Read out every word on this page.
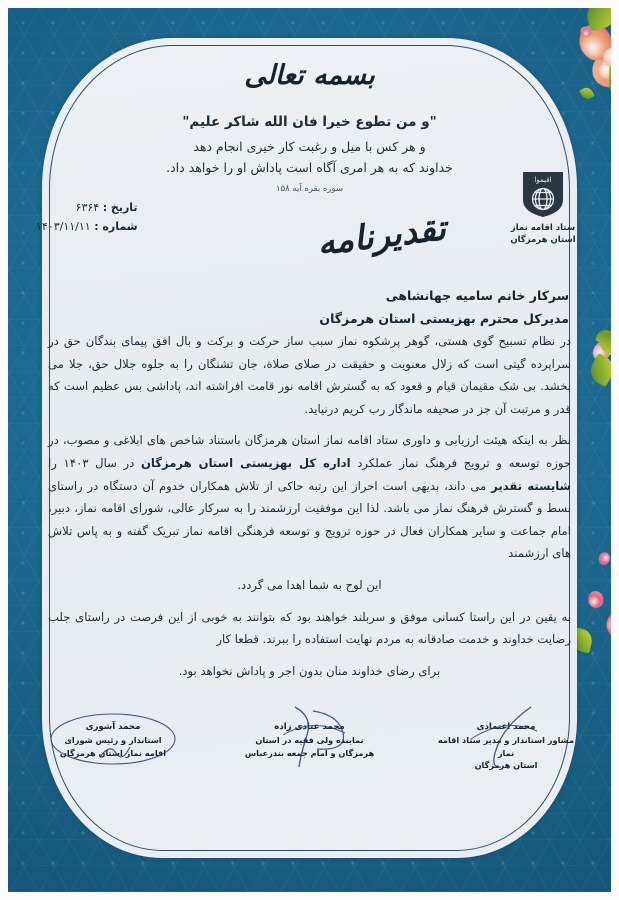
بسمه تعالی
"و من تطوع خیرا فان الله شاکر علیم"
و هر کس با میل و رغبت کار خیری انجام دهد
خداوند که به هر امری آگاه است پاداش او را خواهد داد.
سوره بقره آیه ۱۵۸
تاریخ : ۶۳۶۴
شماره : ۱۴۰۳/۱۱/۱۱
اقيموا
ستاد اقامه نماز
استان هرمزگان
تقدیرنامه
سرکار خانم سامیه جهانشاهی
مدیرکل محترم بهزیستی استان هرمزگان

در نظام تسبیح گوی هستی، گوهر پرشکوه نماز سبب ساز حرکت و برکت و بال افق پیمای بندگان حق در سراپرده گیتی است که زلال معنویت و حقیقت در صلای صلاة، جان تشنگان را به جلوه جلال حق، جلا می بخشد. بی شک مقیمان قیام و قعود که به گسترش اقامه نور قامت افراشته اند، پاداشی بس عظیم است که قدر و مرتبت آن جز در صحیفه ماندگار رب کریم درنیاید.

نظر به اینکه هیئت ارزیابی و داوری ستاد اقامه نماز استان هرمزگان باستناد شاخص های ابلاغی و مصوب، در حوزه توسعه و ترویج فرهنگ نماز عملکرد اداره کل بهزیستی استان هرمزگان در سال ۱۴۰۳ را شایسته تقدیر می داند، بدیهی است احراز این رتبه حاکی از تلاش همکاران خدوم آن دستگاه در راستای بسط و گسترش فرهنگ نماز می باشد. لذا این موفقیت ارزشمند را به سرکار عالی، شورای اقامه نماز، دبیر، امام جماعت و سایر همکاران فعال در حوزه ترویج و توسعه فرهنگی اقامه نماز تبریک گفته و به پاس تلاش های ارزشمند

این لوح به شما اهدا می گردد.

به یقین در این راستا کسانی موفق و سربلند خواهند بود که بتوانند به خوبی از این فرصت در راستای جلب رضایت خداوند و خدمت صادقانه به مردم نهایت استفاده را ببرند. قطعا کار

برای رضای خداوند منان بدون اجر و پاداش نخواهد بود.

محمد آشوری
استاندار و رئیس شورای
اقامه نماز استان هرمزگان
محمد عبادی زاده
نماینده ولی فقیه در استان
هرمزگان و امام جمعه بندرعباس
محمد اعتمادی
مشاور استاندار و مدیر ستاد اقامه نماز
استان هرمزگان
